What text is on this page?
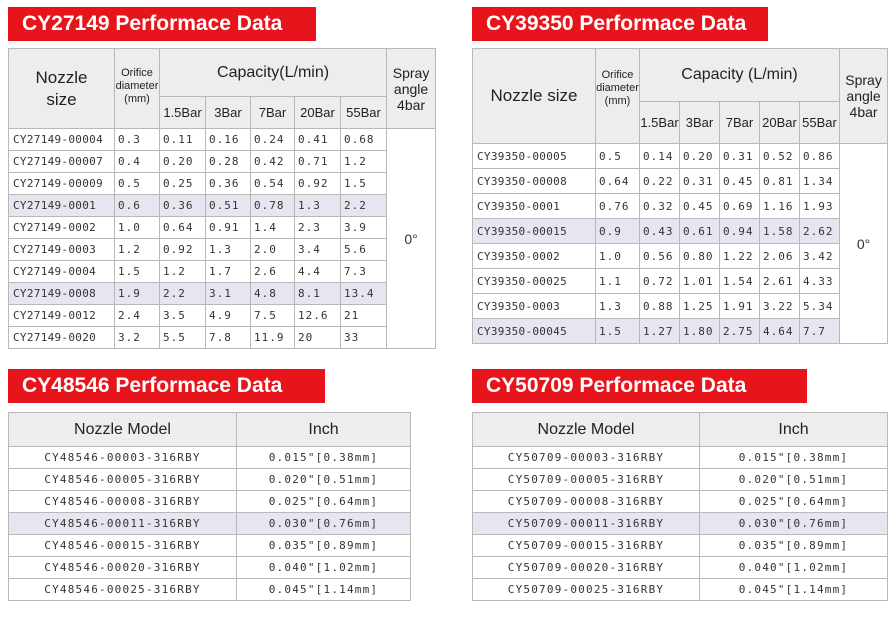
CY27149 Performace Data
Nozzle
size	Orifice
diameter
(mm)	Capacity(L/min)					Spray
angle
4bar
		1.5Bar	3Bar	7Bar	20Bar	55Bar	
CY27149-00004	0.3	0.11	0.16	0.24	0.41	0.68	0°
CY27149-00007	0.4	0.20	0.28	0.42	0.71	1.2	
CY27149-00009	0.5	0.25	0.36	0.54	0.92	1.5	
CY27149-0001	0.6	0.36	0.51	0.78	1.3	2.2	
CY27149-0002	1.0	0.64	0.91	1.4	2.3	3.9	
CY27149-0003	1.2	0.92	1.3	2.0	3.4	5.6	
CY27149-0004	1.5	1.2	1.7	2.6	4.4	7.3	
CY27149-0008	1.9	2.2	3.1	4.8	8.1	13.4	
CY27149-0012	2.4	3.5	4.9	7.5	12.6	21	
CY27149-0020	3.2	5.5	7.8	11.9	20	33	
CY39350 Performace Data
Nozzle size	Orifice
diameter
(mm)	Capacity (L/min)					Spray
angle
4bar
		1.5Bar	3Bar	7Bar	20Bar	55Bar	
CY39350-00005	0.5	0.14	0.20	0.31	0.52	0.86	0°
CY39350-00008	0.64	0.22	0.31	0.45	0.81	1.34	
CY39350-0001	0.76	0.32	0.45	0.69	1.16	1.93	
CY39350-00015	0.9	0.43	0.61	0.94	1.58	2.62	
CY39350-0002	1.0	0.56	0.80	1.22	2.06	3.42	
CY39350-00025	1.1	0.72	1.01	1.54	2.61	4.33	
CY39350-0003	1.3	0.88	1.25	1.91	3.22	5.34	
CY39350-00045	1.5	1.27	1.80	2.75	4.64	7.7	
CY48546 Performace Data
Nozzle Model	Inch
CY48546-00003-316RBY	0.015"[0.38mm]
CY48546-00005-316RBY	0.020"[0.51mm]
CY48546-00008-316RBY	0.025"[0.64mm]
CY48546-00011-316RBY	0.030"[0.76mm]
CY48546-00015-316RBY	0.035"[0.89mm]
CY48546-00020-316RBY	0.040"[1.02mm]
CY48546-00025-316RBY	0.045"[1.14mm]
CY50709 Performace Data
Nozzle Model	Inch
CY50709-00003-316RBY	0.015"[0.38mm]
CY50709-00005-316RBY	0.020"[0.51mm]
CY50709-00008-316RBY	0.025"[0.64mm]
CY50709-00011-316RBY	0.030"[0.76mm]
CY50709-00015-316RBY	0.035"[0.89mm]
CY50709-00020-316RBY	0.040"[1.02mm]
CY50709-00025-316RBY	0.045"[1.14mm]
